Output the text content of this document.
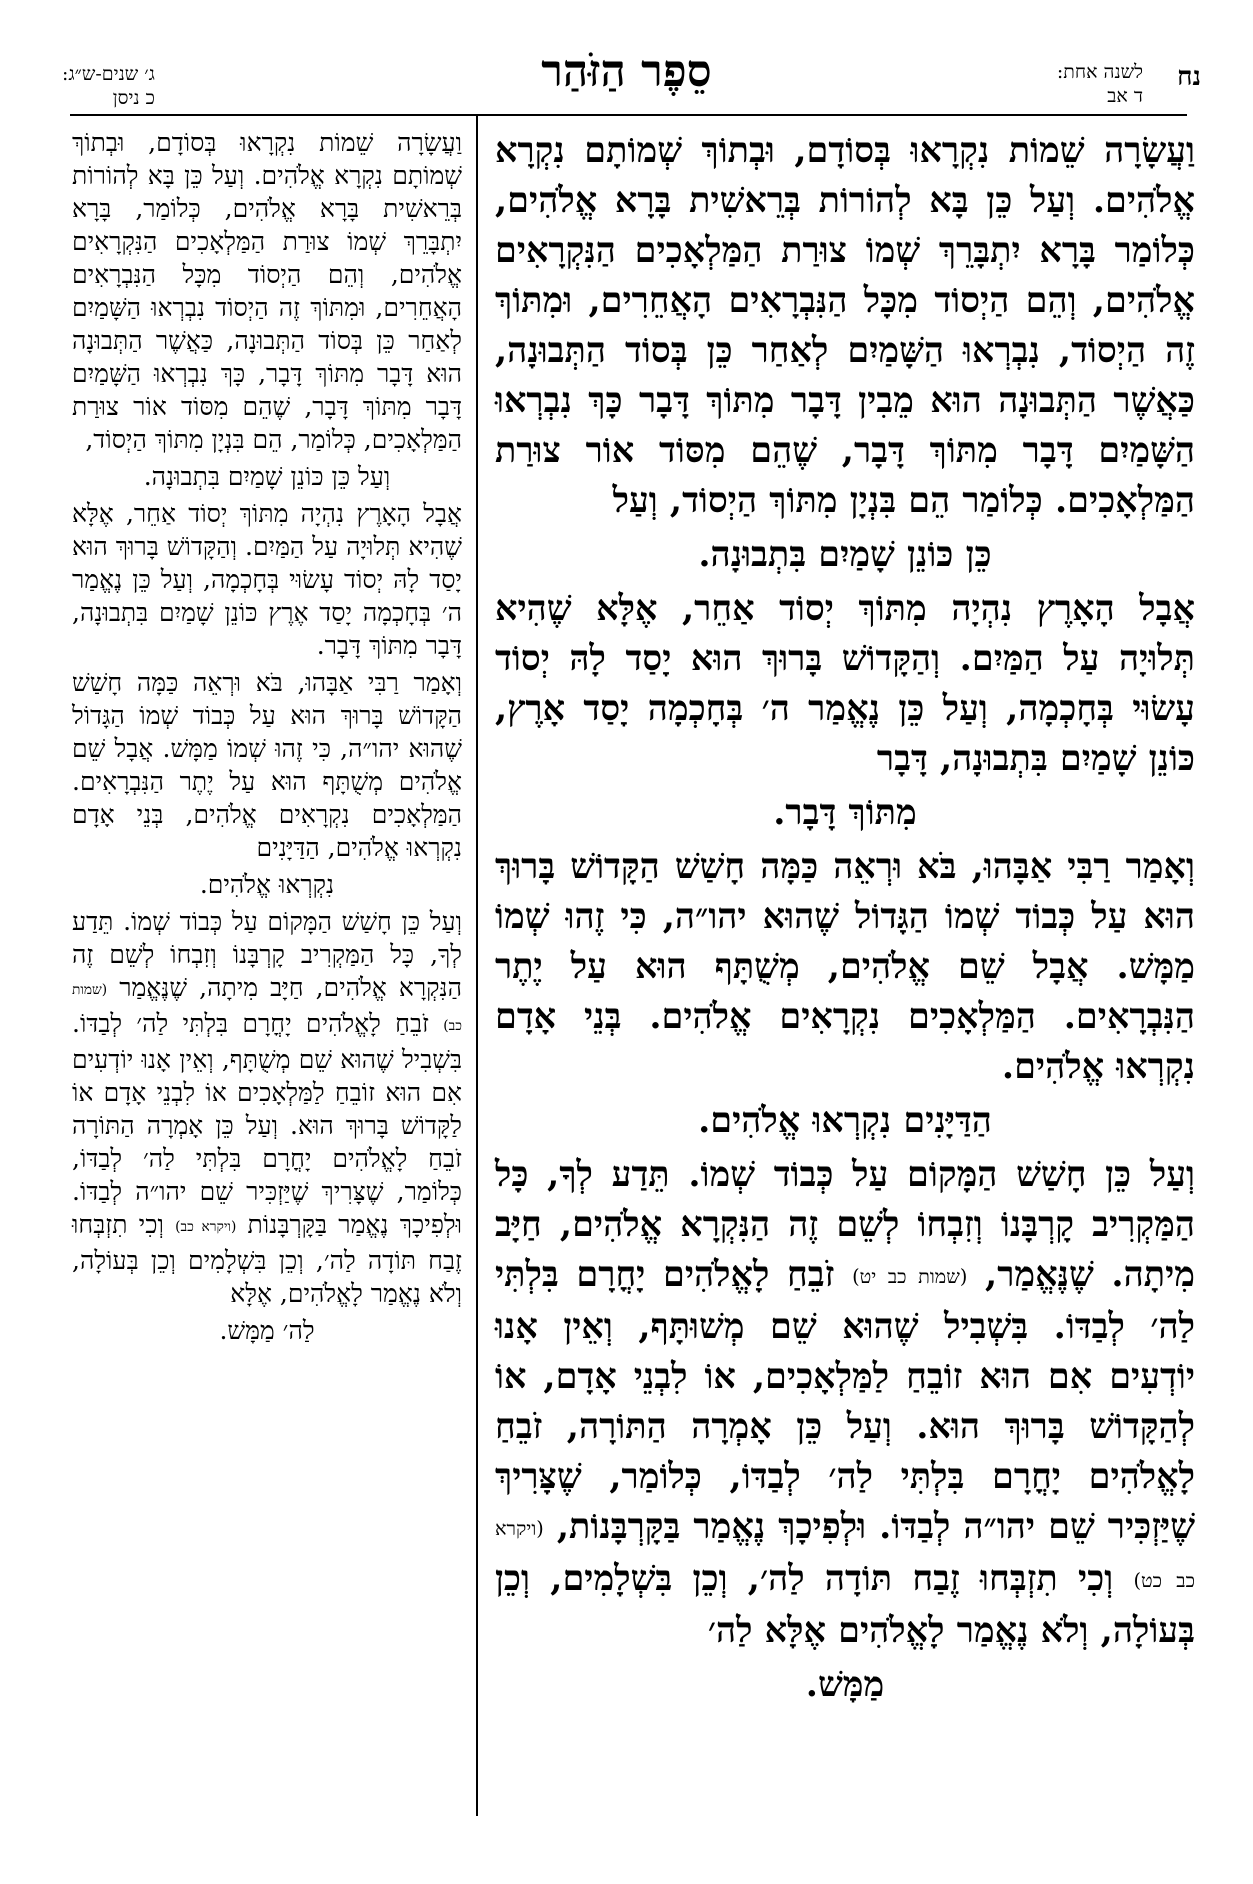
נח
לשנה אחת:
ד אב
סֵפֶר הַזֹּהַר
ג׳ שנים-ש״ג:
כ ניסן

וַעֲשָׂרָה שֵׁמוֹת נִקְרָאוּ בְּסוֹדָם, וּבְתוֹךְ שְׁמוֹתָם נִקְרָא אֱלֹהִים. וְעַל כֵּן בָּא לְהוֹרוֹת בְּרֵאשִׁית בָּרָא אֱלֹהִים, כְּלוֹמַר בָּרָא יִתְבָּרֵךְ שְׁמוֹ צוּרַת הַמַּלְאָכִים הַנִּקְרָאִים אֱלֹהִים, וְהֵם הַיְסוֹד מִכָּל הַנִּבְרָאִים הָאֲחֵרִים, וּמִתּוֹךְ זֶה הַיְסוֹד, נִבְרְאוּ הַשָּׁמַיִם לְאַחַר כֵּן בְּסוֹד הַתְּבוּנָה, כַּאֲשֶׁר הַתְּבוּנָה הוּא מֵבִין דָּבָר מִתּוֹךְ דָּבָר כָּךְ נִבְרְאוּ הַשָּׁמַיִם דָּבָר מִתּוֹךְ דָּבָר, שֶׁהֵם מִסּוֹד אוֹר צוּרַת הַמַּלְאָכִים. כְּלוֹמַר הֵם בִּנְיָן מִתּוֹךְ הַיְסוֹד, וְעַל

כֵּן כּוֹנֵן שָׁמַיִם בִּתְבוּנָה.

אֲבָל הָאָרֶץ נִהְיָה מִתּוֹךְ יְסוֹד אַחֵר, אֶלָּא שֶׁהִיא תְּלוּיָה עַל הַמַּיִם. וְהַקָּדוֹשׁ בָּרוּךְ הוּא יָסַד לָהּ יְסוֹד עָשׂוּי בְּחָכְמָה, וְעַל כֵּן נֶאֱמַר ה׳ בְּחָכְמָה יָסַד אָרֶץ, כּוֹנֵן שָׁמַיִם בִּתְבוּנָה, דָּבָר

מִתּוֹךְ דָּבָר.

וְאָמַר רַבִּי אַבָּהוּ, בֹּא וּרְאֵה כַּמָּה חָשַׁשׁ הַקָּדוֹשׁ בָּרוּךְ הוּא עַל כְּבוֹד שְׁמוֹ הַגָּדוֹל שֶׁהוּא יהו״ה, כִּי זֶהוּ שְׁמוֹ מַמָּשׁ. אֲבָל שֵׁם אֱלֹהִים, מְשֻׁתָּף הוּא עַל יֶתֶר הַנִּבְרָאִים. הַמַּלְאָכִים נִקְרָאִים אֱלֹהִים. בְּנֵי אָדָם נִקְרְאוּ אֱלֹהִים.

הַדַּיָּנִים נִקְרְאוּ אֱלֹהִים.

וְעַל כֵּן חָשַׁשׁ הַמָּקוֹם עַל כְּבוֹד שְׁמוֹ. תֵּדַע לְךָ, כָּל הַמַּקְרִיב קָרְבָּנוֹ וְזִבְחוֹ לְשֵׁם זֶה הַנִּקְרָא אֱלֹהִים, חַיָּב מִיתָה. שֶׁנֶּאֱמַר, (שמות כב יט) זֹבֵחַ לָאֱלֹהִים יָחֳרָם בִּלְתִּי לַה׳ לְבַדּוֹ. בִּשְׁבִיל שֶׁהוּא שֵׁם מְשׁוּתָּף, וְאֵין אָנוּ יוֹדְעִים אִם הוּא זוֹבֵחַ לַמַּלְאָכִים, אוֹ לִבְנֵי אָדָם, אוֹ לְהַקָּדוֹשׁ בָּרוּךְ הוּא. וְעַל כֵּן אָמְרָה הַתּוֹרָה, זֹבֵחַ לָאֱלֹהִים יָחֳרָם בִּלְתִּי לַה׳ לְבַדּוֹ, כְּלוֹמַר, שֶׁצָּרִיךְ שֶׁיַּזְכִּיר שֵׁם יהו״ה לְבַדּוֹ. וּלְפִיכָךְ נֶאֱמַר בַּקָּרְבָּנוֹת, (ויקרא כב כט) וְכִי תִזְבְּחוּ זֶבַח תּוֹדָה לַה׳, וְכֵן בִּשְׁלָמִים, וְכֵן בְּעוֹלָה, וְלֹא נֶאֱמַר לָאֱלֹהִים אֶלָּא לַה׳

מַמָּשׁ.

וַעֲשָׂרָה שֵׁמוֹת נִקְרָאוּ בְּסוֹדָם, וּבְתוֹךְ שְׁמוֹתָם נִקְרָא אֱלֹהִים. וְעַל כֵּן בָּא לְהוֹרוֹת בְּרֵאשִׁית בָּרָא אֱלֹהִים, כְּלוֹמַר, בָּרָא יִתְבָּרֵךְ שְׁמוֹ צוּרַת הַמַּלְאָכִים הַנִּקְרָאִים אֱלֹהִים, וְהֵם הַיְסוֹד מִכָּל הַנִּבְרָאִים הָאֲחֵרִים, וּמִתּוֹךְ זֶה הַיְסוֹד נִבְרְאוּ הַשָּׁמַיִם לְאַחַר כֵּן בְּסוֹד הַתְּבוּנָה, כַּאֲשֶׁר הַתְּבוּנָה הוּא דָּבָר מִתּוֹךְ דָּבָר, כָּךְ נִבְרְאוּ הַשָּׁמַיִם דָּבָר מִתּוֹךְ דָּבָר, שֶׁהֵם מִסּוֹד אוֹר צוּרַת הַמַּלְאָכִים, כְּלוֹמַר, הֵם בִּנְיָן מִתּוֹךְ הַיְסוֹד,

וְעַל כֵּן כּוֹנֵן שָׁמַיִם בִּתְבוּנָה.

אֲבָל הָאָרֶץ נִהְיָה מִתּוֹךְ יְסוֹד אַחֵר, אֶלָּא שֶׁהִיא תְּלוּיָה עַל הַמַּיִם. וְהַקָּדוֹשׁ בָּרוּךְ הוּא יָסַד לָהּ יְסוֹד עָשׂוּי בְּחָכְמָה, וְעַל כֵּן נֶאֱמַר ה׳ בְּחָכְמָה יָסַד אֶרֶץ כּוֹנֵן שָׁמַיִם בִּתְבוּנָה, דָּבָר מִתּוֹךְ דָּבָר.

וְאָמַר רַבִּי אַבָּהוּ, בֹּא וּרְאֵה כַּמָּה חָשַׁשׁ הַקָּדוֹשׁ בָּרוּךְ הוּא עַל כְּבוֹד שְׁמוֹ הַגָּדוֹל שֶׁהוּא יהו״ה, כִּי זֶהוּ שְׁמוֹ מַמָּשׁ. אֲבָל שֵׁם אֱלֹהִים מְשֻׁתָּף הוּא עַל יֶתֶר הַנִּבְרָאִים. הַמַּלְאָכִים נִקְרָאִים אֱלֹהִים, בְּנֵי אָדָם נִקְרְאוּ אֱלֹהִים, הַדַּיָּנִים

נִקְרְאוּ אֱלֹהִים.

וְעַל כֵּן חָשַׁשׁ הַמָּקוֹם עַל כְּבוֹד שְׁמוֹ. תֵּדַע לְךָ, כָּל הַמַּקְרִיב קָרְבָּנוֹ וְזִבְחוֹ לְשֵׁם זֶה הַנִּקְרָא אֱלֹהִים, חַיָּב מִיתָה, שֶׁנֶּאֱמַר (שמות כב) זֹבֵחַ לָאֱלֹהִים יָחֳרָם בִּלְתִּי לַה׳ לְבַדּוֹ. בִּשְׁבִיל שֶׁהוּא שֵׁם מְשֻׁתָּף, וְאֵין אָנוּ יוֹדְעִים אִם הוּא זוֹבֵחַ לַמַּלְאָכִים אוֹ לִבְנֵי אָדָם אוֹ לַקָּדוֹשׁ בָּרוּךְ הוּא. וְעַל כֵּן אָמְרָה הַתּוֹרָה זֹבֵחַ לָאֱלֹהִים יָחֳרָם בִּלְתִּי לַה׳ לְבַדּוֹ, כְּלוֹמַר, שֶׁצָּרִיךְ שֶׁיַּזְכִּיר שֵׁם יהו״ה לְבַדּוֹ. וּלְפִיכָךְ נֶאֱמַר בַּקָּרְבָּנוֹת (ויקרא כב) וְכִי תִזְבְּחוּ זֶבַח תּוֹדָה לַה׳, וְכֵן בִּשְׁלָמִים וְכֵן בְּעוֹלָה, וְלֹא נֶאֱמַר לָאֱלֹהִים, אֶלָּא

לַה׳ מַמָּשׁ.
